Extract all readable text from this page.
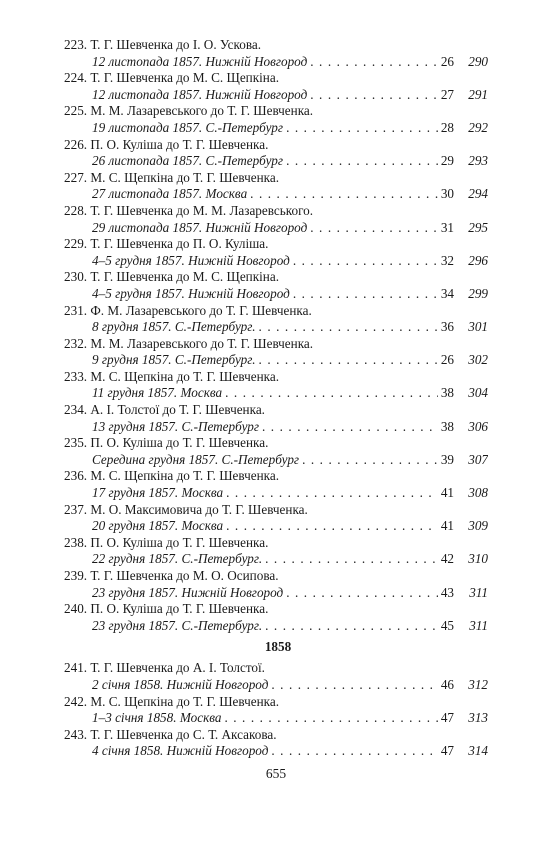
223. Т. Г. Шевченка до І. О. Ускова.
12 листопада 1857. Нижній Новгород . . .	26	290
224. Т. Г. Шевченка до М. С. Щепкіна.
12 листопада 1857. Нижній Новгород . . .	27	291
225. М. М. Лазаревського до Т. Г. Шевченка.
19 листопада 1857. С.-Петербург . . .	28	292
226. П. О. Куліша до Т. Г. Шевченка.
26 листопада 1857. С.-Петербург . . .	29	293
227. М. С. Щепкіна до Т. Г. Шевченка.
27 листопада 1857. Москва . . .	30	294
228. Т. Г. Шевченка до М. М. Лазаревського.
29 листопада 1857. Нижній Новгород . . .	31	295
229. Т. Г. Шевченка до П. О. Куліша.
4–5 грудня 1857. Нижній Новгород . . .	32	296
230. Т. Г. Шевченка до М. С. Щепкіна.
4–5 грудня 1857. Нижній Новгород . . .	34	299
231. Ф. М. Лазаревського до Т. Г. Шевченка.
8 грудня 1857. С.-Петербург. . . .	36	301
232. М. М. Лазаревського до Т. Г. Шевченка.
9 грудня 1857. С.-Петербург. . . .	26	302
233. М. С. Щепкіна до Т. Г. Шевченка.
11 грудня 1857. Москва . . .	38	304
234. А. І. Толстої до Т. Г. Шевченка.
13 грудня 1857. С.-Петербург . . .	38	306
235. П. О. Куліша до Т. Г. Шевченка.
Середина грудня 1857. С.-Петербург . . .	39	307
236. М. С. Щепкіна до Т. Г. Шевченка.
17 грудня 1857. Москва . . .	41	308
237. М. О. Максимовича до Т. Г. Шевченка.
20 грудня 1857. Москва . . .	41	309
238. П. О. Куліша до Т. Г. Шевченка.
22 грудня 1857. С.-Петербург. . . .	42	310
239. Т. Г. Шевченка до М. О. Осипова.
23 грудня 1857. Нижній Новгород . . .	43	311
240. П. О. Куліша до Т. Г. Шевченка.
23 грудня 1857. С.-Петербург. . . .	45	311
1858
241. Т. Г. Шевченка до А. І. Толстої.
2 січня 1858. Нижній Новгород . . .	46	312
242. М. С. Щепкіна до Т. Г. Шевченка.
1–3 січня 1858. Москва . . .	47	313
243. Т. Г. Шевченка до С. Т. Аксакова.
4 січня 1858. Нижній Новгород . . .	47	314
655
